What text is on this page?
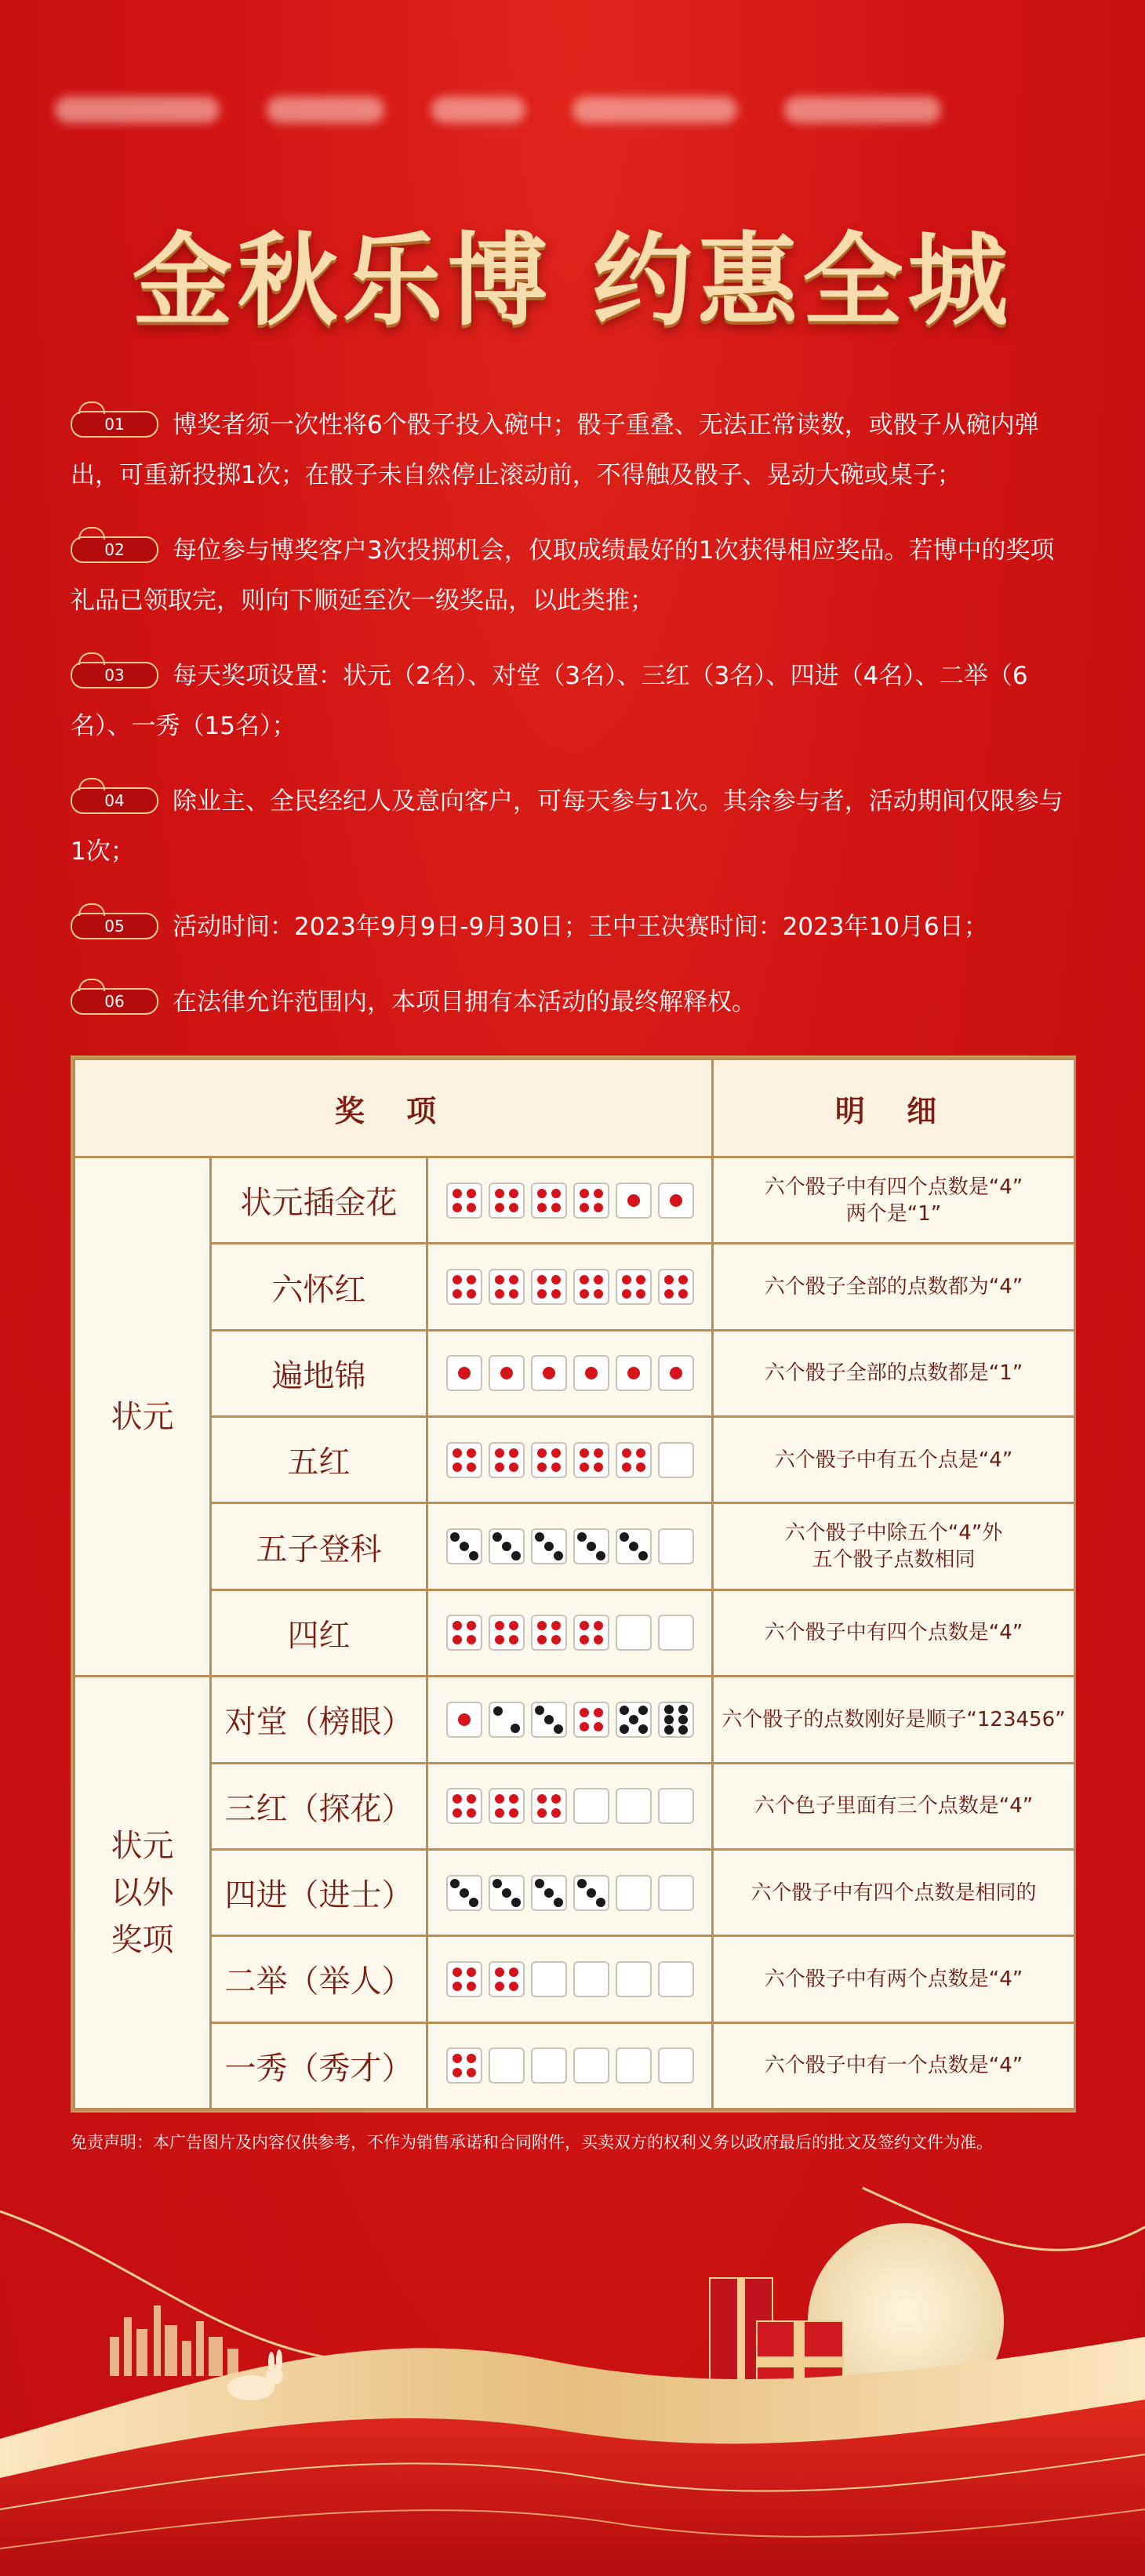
金秋乐博 约惠全城
01 博奖者须一次性将6个骰子投入碗中；骰子重叠、无法正常读数，或骰子从碗内弹出，可重新投掷1次；在骰子未自然停止滚动前，不得触及骰子、晃动大碗或桌子；
02 每位参与博奖客户3次投掷机会，仅取成绩最好的1次获得相应奖品。若博中的奖项礼品已领取完，则向下顺延至次一级奖品，以此类推；
03 每天奖项设置：状元（2名）、对堂（3名）、三红（3名）、四进（4名）、二举（6名）、一秀（15名）；
04 除业主、全民经纪人及意向客户，可每天参与1次。其余参与者，活动期间仅限参与1次；
05 活动时间：2023年9月9日-9月30日；王中王决赛时间：2023年10月6日；
06 在法律允许范围内，本项目拥有本活动的最终解释权。
奖 项			明 细
状元	状元插金花		六个骰子中有四个点数是“4”
两个是“1”
	六怀红		六个骰子全部的点数都为“4”
	遍地锦		六个骰子全部的点数都是“1”
	五红		六个骰子中有五个点是“4”
	五子登科		六个骰子中除五个“4”外
五个骰子点数相同
	四红		六个骰子中有四个点数是“4”
状元
以外
奖项	对堂（榜眼）		六个骰子的点数刚好是顺子“123456”
	三红（探花）		六个色子里面有三个点数是“4”
	四进（进士）		六个骰子中有四个点数是相同的
	二举（举人）		六个骰子中有两个点数是“4”
	一秀（秀才）		六个骰子中有一个点数是“4”
免责声明：本广告图片及内容仅供参考，不作为销售承诺和合同附件，买卖双方的权利义务以政府最后的批文及签约文件为准。
